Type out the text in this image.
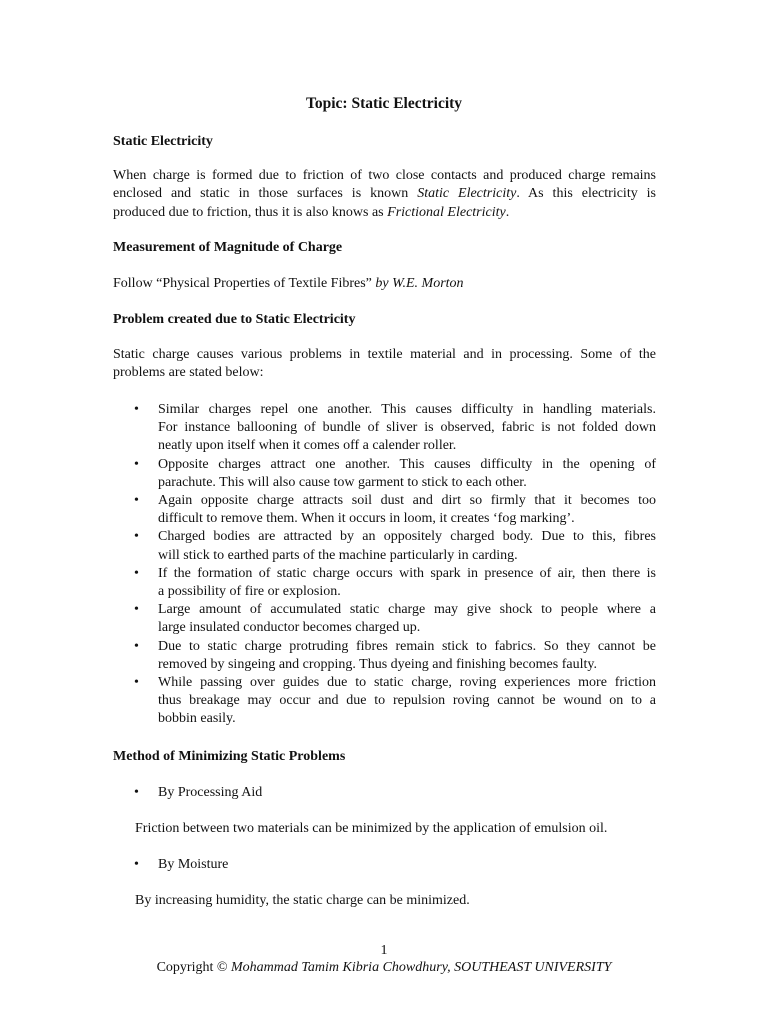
Topic: Static Electricity
Static Electricity
When charge is formed due to friction of two close contacts and produced charge remains
enclosed and static in those surfaces is known Static Electricity. As this electricity is
produced due to friction, thus it is also knows as Frictional Electricity.
Measurement of Magnitude of Charge
Follow “Physical Properties of Textile Fibres” by W.E. Morton
Problem created due to Static Electricity
Static charge causes various problems in textile material and in processing. Some of the
problems are stated below:
• Similar charges repel one another. This causes difficulty in handling materials.
For instance ballooning of bundle of sliver is observed, fabric is not folded down
neatly upon itself when it comes off a calender roller.
• Opposite charges attract one another. This causes difficulty in the opening of
parachute. This will also cause tow garment to stick to each other.
• Again opposite charge attracts soil dust and dirt so firmly that it becomes too
difficult to remove them. When it occurs in loom, it creates ‘fog marking’.
• Charged bodies are attracted by an oppositely charged body. Due to this, fibres
will stick to earthed parts of the machine particularly in carding.
• If the formation of static charge occurs with spark in presence of air, then there is
a possibility of fire or explosion.
• Large amount of accumulated static charge may give shock to people where a
large insulated conductor becomes charged up.
• Due to static charge protruding fibres remain stick to fabrics. So they cannot be
removed by singeing and cropping. Thus dyeing and finishing becomes faulty.
• While passing over guides due to static charge, roving experiences more friction
thus breakage may occur and due to repulsion roving cannot be wound on to a
bobbin easily.
Method of Minimizing Static Problems
• By Processing Aid
Friction between two materials can be minimized by the application of emulsion oil.
• By Moisture
By increasing humidity, the static charge can be minimized.
1
Copyright © Mohammad Tamim Kibria Chowdhury, SOUTHEAST UNIVERSITY
